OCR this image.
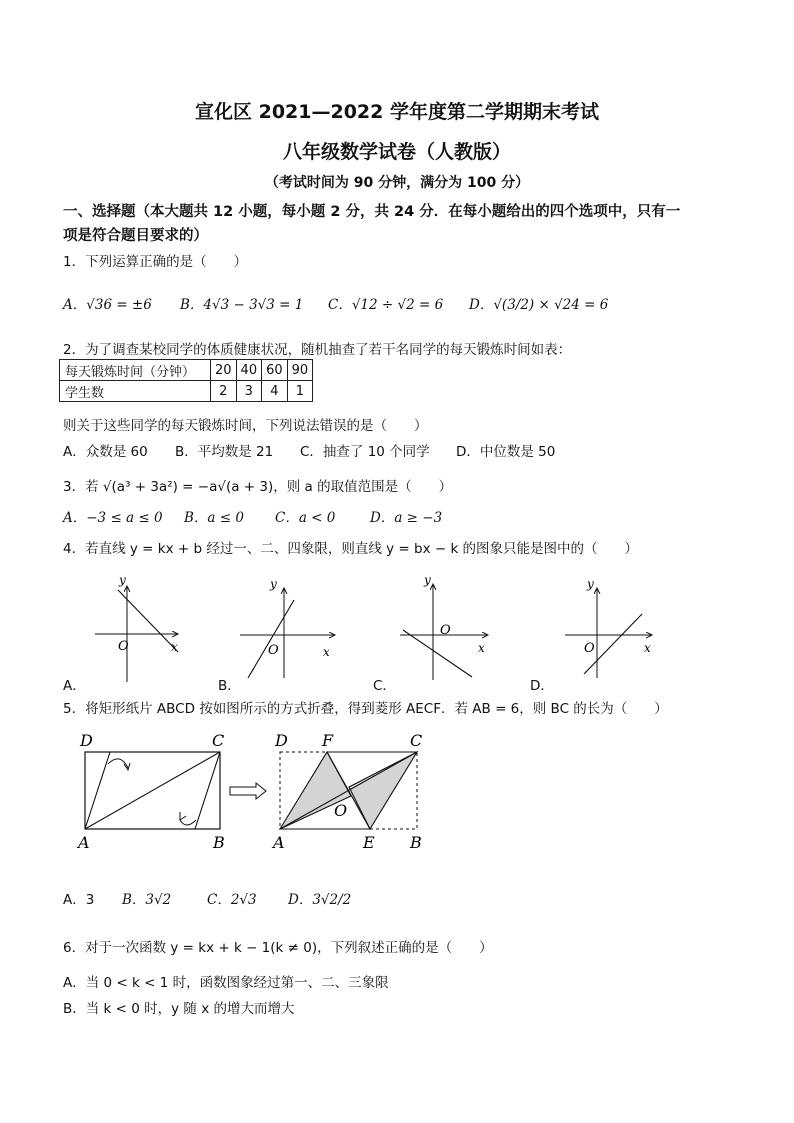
宣化区 2021—2022 学年度第二学期期末考试
八年级数学试卷（人教版）
（考试时间为 90 分钟，满分为 100 分）
一、选择题（本大题共 12 小题，每小题 2 分，共 24 分．在每小题给出的四个选项中，只有一
项是符合题目要求的）
1．下列运算正确的是（　　）
A．√36 = ±6 B．4√3 − 3√3 = 1 C．√12 ÷ √2 = 6 D．√(3/2) × √24 = 6
2．为了调查某校同学的体质健康状况，随机抽查了若干名同学的每天锻炼时间如表：
每天锻炼时间（分钟）	20	40	60	90
学生数	2	3	4	1
则关于这些同学的每天锻炼时间，下列说法错误的是（　　）
A．众数是 60 B．平均数是 21 C．抽查了 10 个同学 D．中位数是 50
3．若 √(a³ + 3a²) = −a√(a + 3)，则 a 的取值范围是（　　）
A．−3 ≤ a ≤ 0 B．a ≤ 0 C．a < 0	D．a ≥ −3
4．若直线 y = kx + b 经过一、二、四象限，则直线 y = bx − k 的图象只能是图中的（　　）
O	x
y
O	x
y
O
x
y
O	x
y
A．	B．	C．	D．
5．将矩形纸片 ABCD 按如图所示的方式折叠，得到菱形 AECF．若 AB = 6，则 BC 的长为（　　）
D	C
A	B
D F	C
O
A	E B
A．3 B．3√2	C．2√3 D．3√2/2
6．对于一次函数 y = kx + k − 1(k ≠ 0)，下列叙述正确的是（　　）
A．当 0 < k < 1 时，函数图象经过第一、二、三象限
B．当 k < 0 时，y 随 x 的增大而增大
